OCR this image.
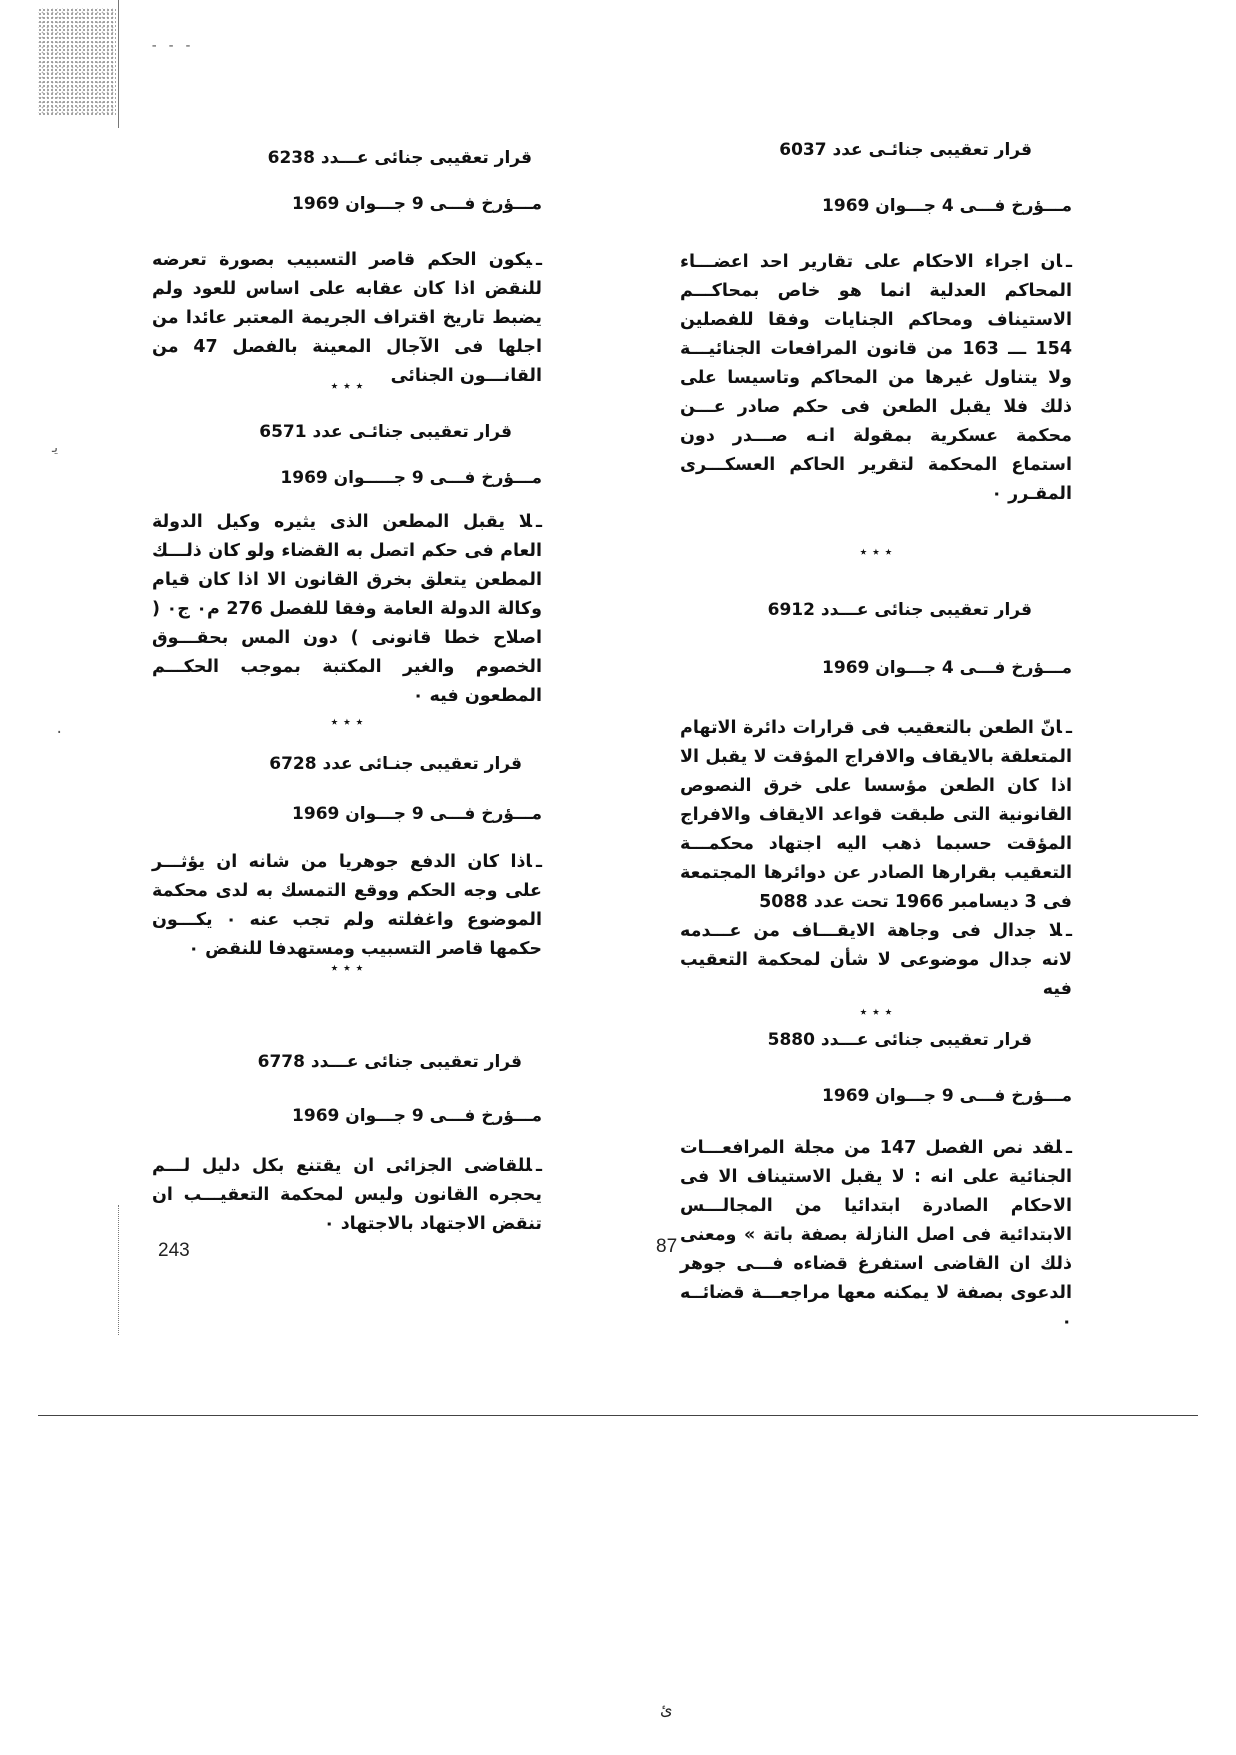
- - -
ﯾ
·
قرار تعقيبى جنائـى عدد 6037
مـــؤرخ فـــى 4 جـــوان 1969

ـان اجراء الاحكام على تقارير احد اعضـــاء المحاكم العدلية انما هو خاص بمحاكـــم الاستيناف ومحاكم الجنايات وفقا للفصلين 154 ـــ 163 من قانون المرافعات الجنائيـــة ولا يتناول غيرها من المحاكم وتاسيسا على ذلك فلا يقبل الطعن فى حكم صادر عـــن محكمة عسكرية بمقولة انـه صـــدر دون استماع المحكمة لتقرير الحاكم العسكـــرى المقـرر ٠

٭ ٭ ٭
قرار تعقيبى جنائى عـــدد 6912
مـــؤرخ فـــى 4 جـــوان 1969

ـانّ الطعن بالتعقيب فى قرارات دائرة الاتهام المتعلقة بالايقاف والافراج المؤقت لا يقبل الا اذا كان الطعن مؤسسا على خرق النصوص القانونية التى طبقت قواعد الايقاف والافراج المؤقت حسبما ذهب اليه اجتهاد محكمـــة التعقيب بقرارها الصادر عن دوائرها المجتمعة فى 3 ديسامبر 1966 تحت عدد 5088

ـلا جدال فى وجاهة الايقـــاف من عـــدمه لانه جدال موضوعى لا شأن لمحكمة التعقيب فيه

٭ ٭ ٭
قرار تعقيبى جنائى عـــدد 5880
مـــؤرخ فـــى 9 جـــوان 1969

ـلقد نص الفصل 147 من مجلة المرافعـــات الجنائية على انه : لا يقبل الاستيناف الا فى الاحكام الصادرة ابتدائيا من المجالـــس الابتدائية فى اصل النازلة بصفة باتة » ومعنى ذلك ان القاضى استفرغ قضاءه فـــى جوهر الدعوى بصفة لا يمكنه معها مراجعـــة قضائــه ٠

قرار تعقيبى جنائى عـــدد 6238
مـــؤرخ فـــى 9 جـــوان 1969

ـيكون الحكم قاصر التسبيب بصورة تعرضه للنقض اذا كان عقابه على اساس للعود ولم يضبط تاريخ اقتراف الجريمة المعتبر عائدا من اجلها فى الآجال المعينة بالفصل 47 من القانـــون الجنائى

٭ ٭ ٭
قرار تعقيبى جنائـى عدد 6571
مـــؤرخ فـــى 9 جـــــوان 1969

ـلا يقبل المطعن الذى يثيره وكيل الدولة العام فى حكم اتصل به القضاء ولو كان ذلـــك المطعن يتعلق بخرق القانون الا اذا كان قيام وكالة الدولة العامة وفقا للفصل 276 م٠ ج٠ ( اصلاح خطا قانونى ) دون المس بحقـــوق الخصوم والغير المكتبة بموجب الحكـــم المطعون فيه ٠

٭ ٭ ٭
قرار تعقيبى جنـائى عدد 6728
مـــؤرخ فـــى 9 جـــوان 1969

ـاذا كان الدفع جوهريا من شانه ان يؤثـــر على وجه الحكم ووقع التمسك به لدى محكمة الموضوع واغفلته ولم تجب عنه ٠ يكـــون حكمها قاصر التسبيب ومستهدفا للنقض ٠

٭ ٭ ٭
قرار تعقيبى جنائى عـــدد 6778
مـــؤرخ فـــى 9 جـــوان 1969

ـللقاضى الجزائى ان يقتنع بكل دليل لـــم يحجره القانون وليس لمحكمة التعقيـــب ان تنقض الاجتهاد بالاجتهاد ٠

243	87
ئ
